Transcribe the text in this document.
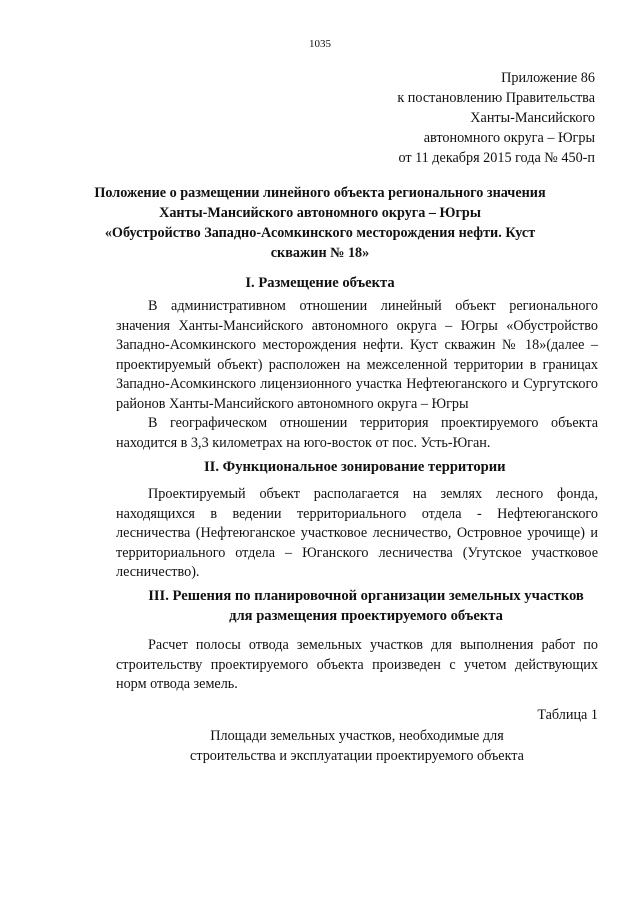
1035
Приложение 86
к постановлению Правительства
Ханты-Мансийского
автономного округа – Югры
от 11 декабря 2015 года № 450-п
Положение о размещении линейного объекта регионального значения
Ханты-Мансийского автономного округа – Югры
«Обустройство Западно-Асомкинского месторождения нефти. Куст
скважин № 18»
I. Размещение объекта

В административном отношении линейный объект регионального значения Ханты-Мансийского автономного округа – Югры «Обустройство Западно-Асомкинского месторождения нефти. Куст скважин № 18»(далее – проектируемый объект) расположен на межселенной территории в границах Западно-Асомкинского лицензионного участка Нефтеюганского и Сургутского районов Ханты-Мансийского автономного округа – Югры

В географическом отношении территория проектируемого объекта находится в 3,3 километрах на юго-восток от пос. Усть-Юган.

II. Функциональное зонирование территории

Проектируемый объект располагается на землях лесного фонда, находящихся в ведении территориального отдела - Нефтеюганского лесничества (Нефтеюганское участковое лесничество, Островное урочище) и территориального отдела – Юганского лесничества (Угутское участковое лесничество).

III. Решения по планировочной организации земельных участков
для размещения проектируемого объекта

Расчет полосы отвода земельных участков для выполнения работ по строительству проектируемого объекта произведен с учетом действующих норм отвода земель.

Таблица 1
Площади земельных участков, необходимые для
строительства и эксплуатации проектируемого объекта
